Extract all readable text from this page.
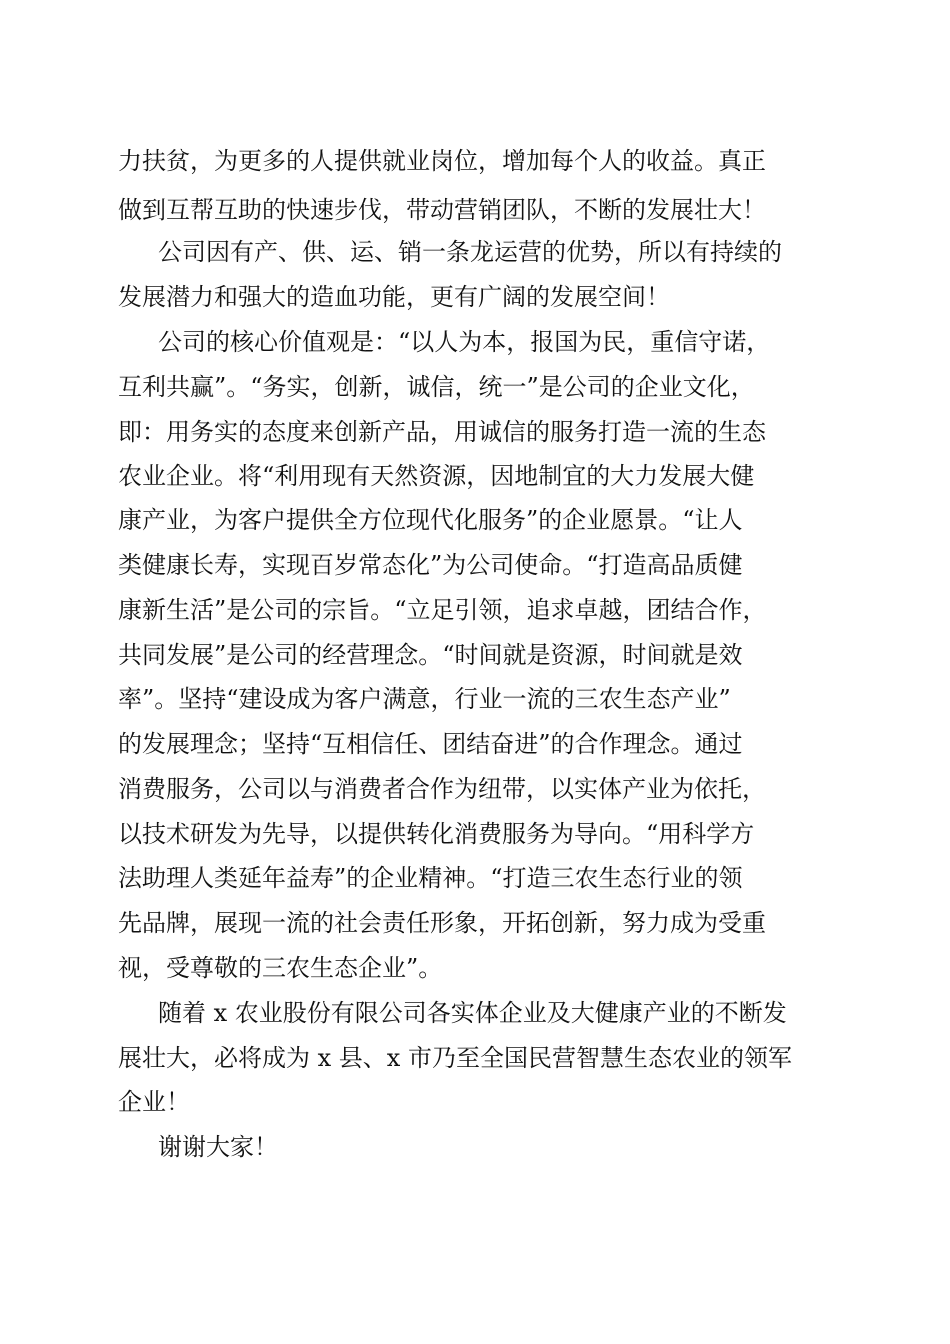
力扶贫，为更多的人提供就业岗位，增加每个人的收益。真正

做到互帮互助的快速步伐，带动营销团队，不断的发展壮大！

公司因有产、供、运、销一条龙运营的优势，所以有持续的

发展潜力和强大的造血功能，更有广阔的发展空间！

公司的核心价值观是：“以人为本，报国为民，重信守诺，

互利共赢”。“务实，创新，诚信，统一”是公司的企业文化，

即：用务实的态度来创新产品，用诚信的服务打造一流的生态

农业企业。将“利用现有天然资源，因地制宜的大力发展大健

康产业，为客户提供全方位现代化服务”的企业愿景。“让人

类健康长寿，实现百岁常态化”为公司使命。“打造高品质健

康新生活”是公司的宗旨。“立足引领，追求卓越，团结合作，

共同发展”是公司的经营理念。“时间就是资源，时间就是效

率”。坚持“建设成为客户满意，行业一流的三农生态产业”

的发展理念；坚持“互相信任、团结奋进”的合作理念。通过

消费服务，公司以与消费者合作为纽带，以实体产业为依托，

以技术研发为先导，以提供转化消费服务为导向。“用科学方

法助理人类延年益寿”的企业精神。“打造三农生态行业的领

先品牌，展现一流的社会责任形象，开拓创新，努力成为受重

视，受尊敬的三农生态企业”。

随着 x 农业股份有限公司各实体企业及大健康产业的不断发

展壮大，必将成为 x 县、x 市乃至全国民营智慧生态农业的领军

企业！

谢谢大家！
